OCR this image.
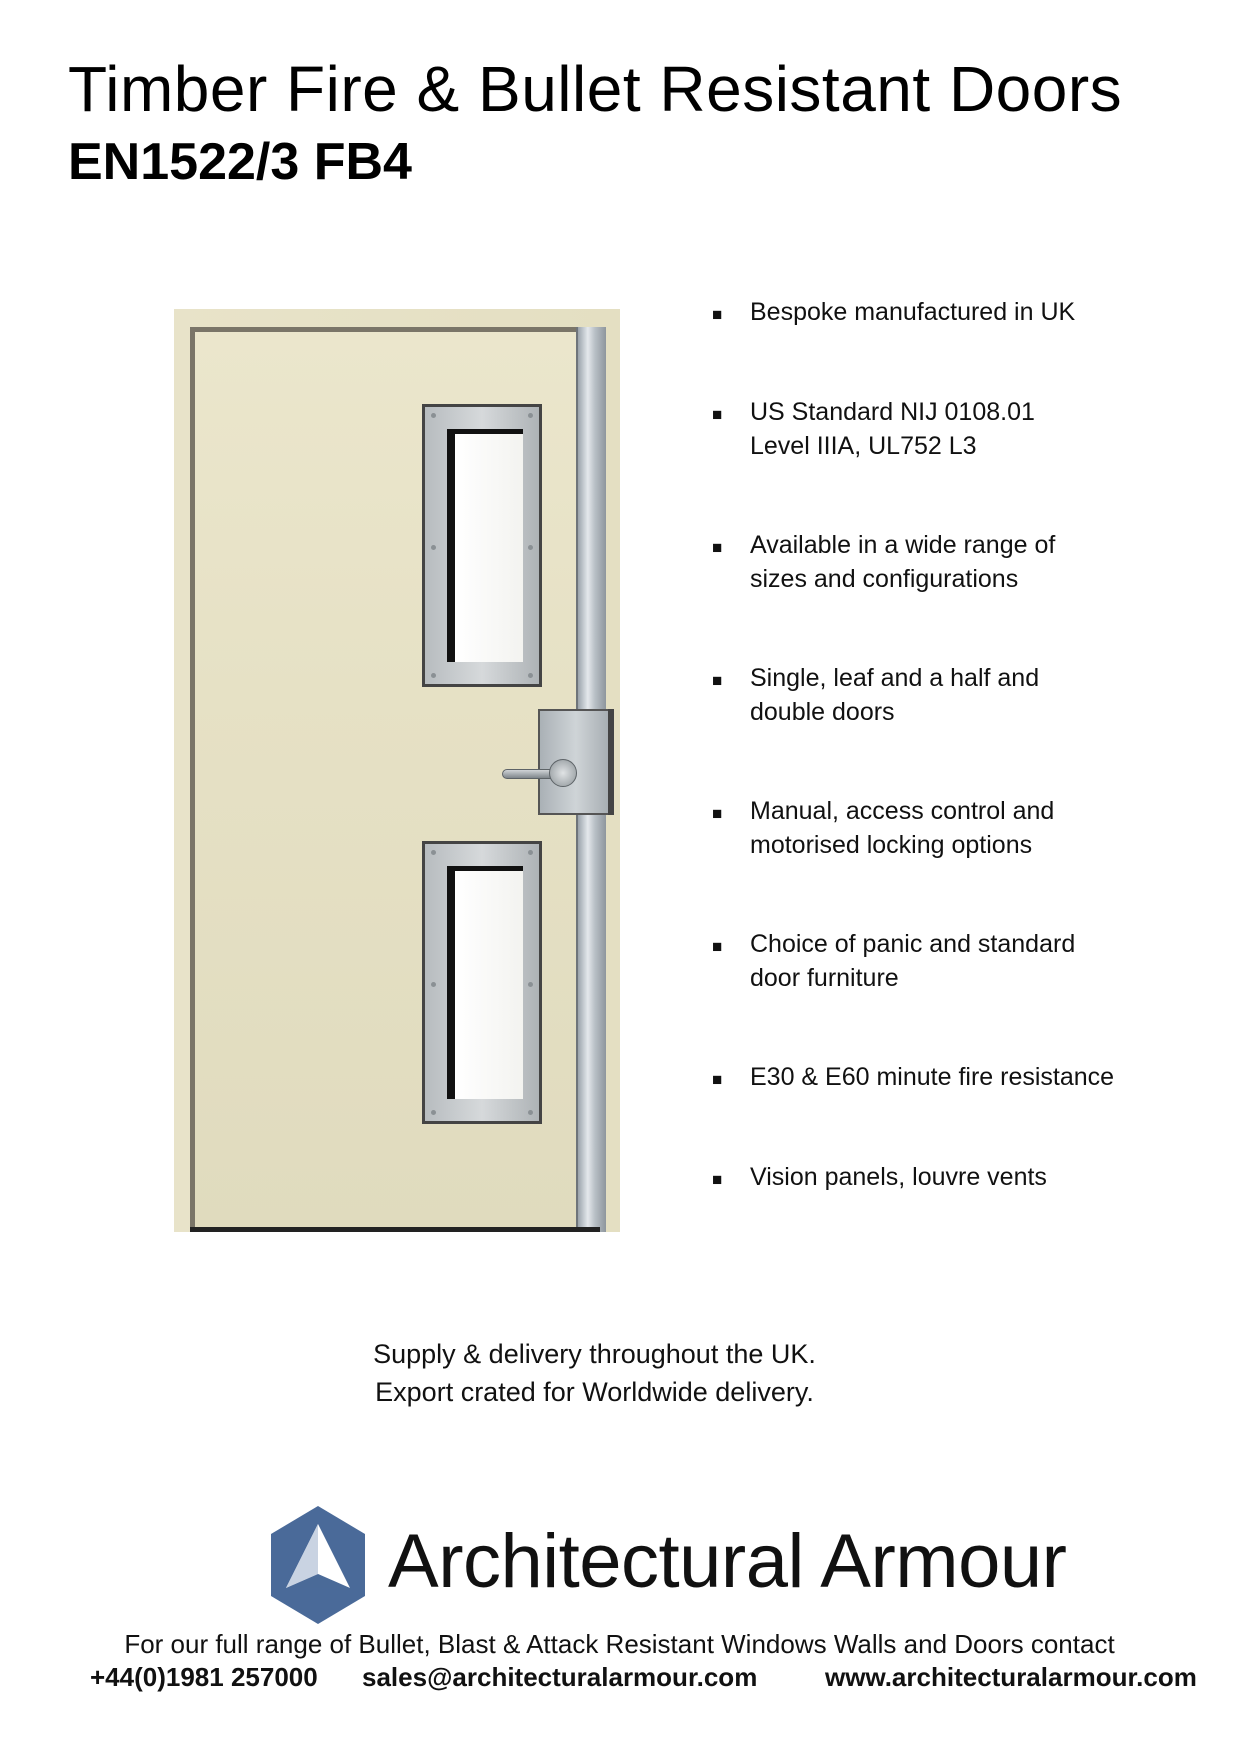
Timber Fire & Bullet Resistant Doors
EN1522/3 FB4
■ Bespoke manufactured in UK
■ US Standard NIJ 0108.01
Level IIIA, UL752 L3
■ Available in a wide range of
sizes and configurations
■ Single, leaf and a half and
double doors
■ Manual, access control and
motorised locking options
■ Choice of panic and standard
door furniture
■ E30 & E60 minute fire resistance
■ Vision panels, louvre vents
Supply & delivery throughout the UK.
Export crated for Worldwide delivery.
Architectural Armour
For our full range of Bullet, Blast & Attack Resistant Windows Walls and Doors contact
+44(0)1981 257000 sales@architecturalarmour.com	www.architecturalarmour.com
